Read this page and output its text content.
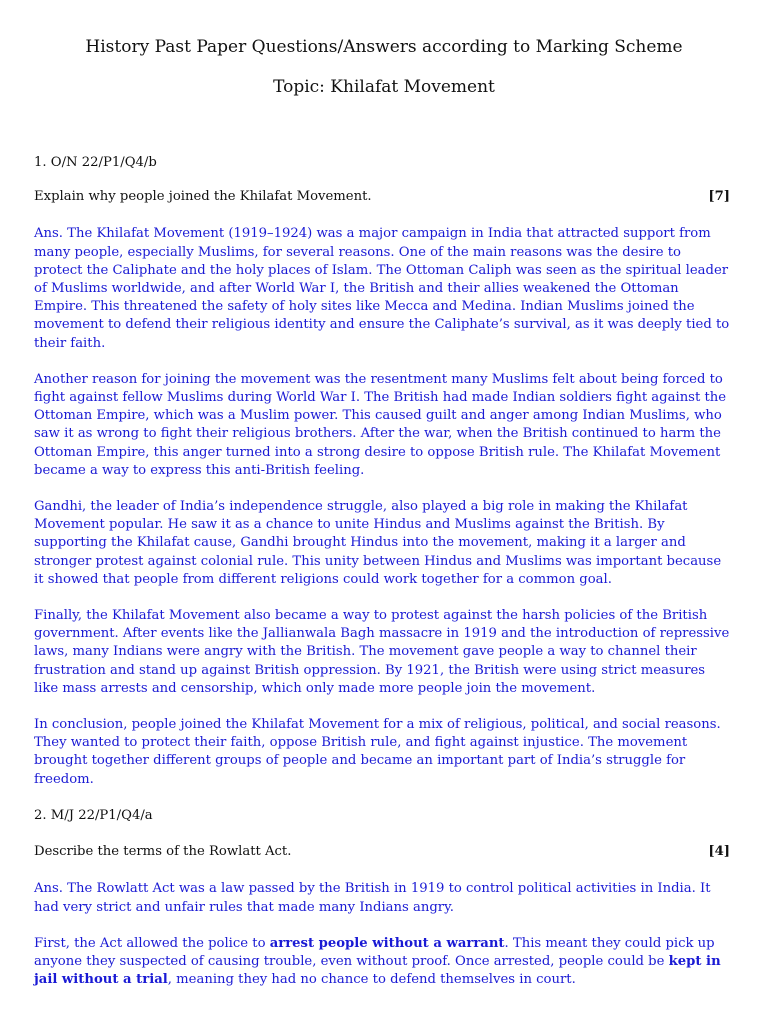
History Past Paper Questions/Answers according to Marking Scheme
Topic: Khilafat Movement
1. O/N 22/P1/Q4/b
Explain why people joined the Khilafat Movement.	[7]

Ans. The Khilafat Movement (1919–1924) was a major campaign in India that attracted support from many people, especially Muslims, for several reasons. One of the main reasons was the desire to protect the Caliphate and the holy places of Islam. The Ottoman Caliph was seen as the spiritual leader of Muslims worldwide, and after World War I, the British and their allies weakened the Ottoman Empire. This threatened the safety of holy sites like Mecca and Medina. Indian Muslims joined the movement to defend their religious identity and ensure the Caliphate’s survival, as it was deeply tied to their faith.

Another reason for joining the movement was the resentment many Muslims felt about being forced to fight against fellow Muslims during World War I. The British had made Indian soldiers fight against the Ottoman Empire, which was a Muslim power. This caused guilt and anger among Indian Muslims, who saw it as wrong to fight their religious brothers. After the war, when the British continued to harm the Ottoman Empire, this anger turned into a strong desire to oppose British rule. The Khilafat Movement became a way to express this anti-British feeling.

Gandhi, the leader of India’s independence struggle, also played a big role in making the Khilafat Movement popular. He saw it as a chance to unite Hindus and Muslims against the British. By supporting the Khilafat cause, Gandhi brought Hindus into the movement, making it a larger and stronger protest against colonial rule. This unity between Hindus and Muslims was important because it showed that people from different religions could work together for a common goal.

Finally, the Khilafat Movement also became a way to protest against the harsh policies of the British government. After events like the Jallianwala Bagh massacre in 1919 and the introduction of repressive laws, many Indians were angry with the British. The movement gave people a way to channel their frustration and stand up against British oppression. By 1921, the British were using strict measures like mass arrests and censorship, which only made more people join the movement.

In conclusion, people joined the Khilafat Movement for a mix of religious, political, and social reasons. They wanted to protect their faith, oppose British rule, and fight against injustice. The movement brought together different groups of people and became an important part of India’s struggle for freedom.

2. M/J 22/P1/Q4/a
Describe the terms of the Rowlatt Act.	[4]

Ans. The Rowlatt Act was a law passed by the British in 1919 to control political activities in India. It had very strict and unfair rules that made many Indians angry.

First, the Act allowed the police to arrest people without a warrant. This meant they could pick up anyone they suspected of causing trouble, even without proof. Once arrested, people could be kept in jail without a trial, meaning they had no chance to defend themselves in court.
